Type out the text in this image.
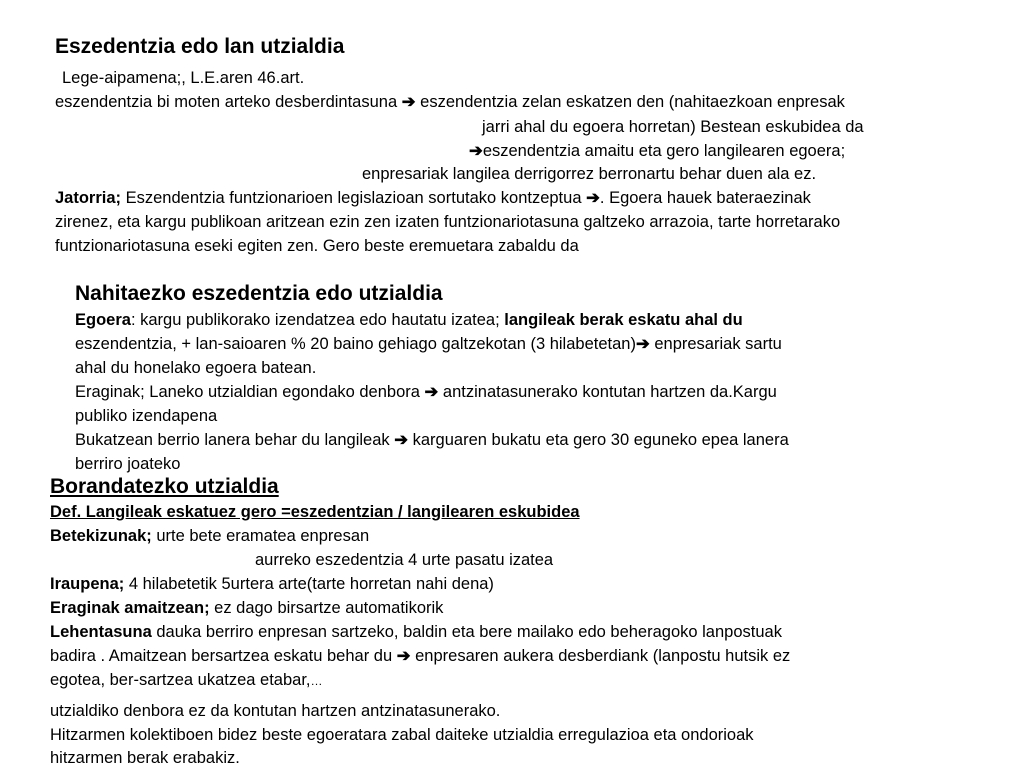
Eszedentzia edo lan utzialdia
Lege-aipamena;, L.E.aren 46.art.
eszendentzia bi moten arteko desberdintasuna ➔ eszendentzia zelan eskatzen den (nahitaezkoan enpresak
jarri ahal du egoera horretan) Bestean eskubidea da
➔eszendentzia amaitu eta gero langilearen egoera;
enpresariak langilea derrigorrez berronartu behar duen ala ez.
Jatorria; Eszendentzia funtzionarioen legislazioan sortutako kontzeptua ➔. Egoera hauek bateraezinak
zirenez, eta kargu publikoan aritzean ezin zen izaten funtzionariotasuna galtzeko arrazoia, tarte horretarako
funtzionariotasuna eseki egiten zen. Gero beste eremuetara zabaldu da
Nahitaezko eszedentzia edo utzialdia
Egoera: kargu publikorako izendatzea edo hautatu izatea; langileak berak eskatu ahal du
eszendentzia, + lan-saioaren % 20 baino gehiago galtzekotan (3 hilabetetan)➔ enpresariak sartu
ahal du honelako egoera batean.
Eraginak; Laneko utzialdian egondako denbora ➔ antzinatasunerako kontutan hartzen da.Kargu
publiko izendapena
Bukatzean berrio lanera behar du langileak ➔ karguaren bukatu eta gero 30 eguneko epea lanera
berriro joateko
Borandatezko utzialdia
Def. Langileak eskatuez gero =eszedentzian / langilearen eskubidea
Betekizunak; urte bete eramatea enpresan
aurreko eszedentzia 4 urte pasatu izatea
Iraupena; 4 hilabetetik 5urtera arte(tarte horretan nahi dena)
Eraginak amaitzean; ez dago birsartze automatikorik
Lehentasuna dauka berriro enpresan sartzeko, baldin eta bere mailako edo beheragoko lanpostuak
badira . Amaitzean bersartzea eskatu behar du ➔ enpresaren aukera desberdiank (lanpostu hutsik ez
egotea, ber-sartzea ukatzea etabar,…
utzialdiko denbora ez da kontutan hartzen antzinatasunerako.
Hitzarmen kolektiboen bidez beste egoeratara zabal daiteke utzialdia erregulazioa eta ondorioak
hitzarmen berak erabakiz.
